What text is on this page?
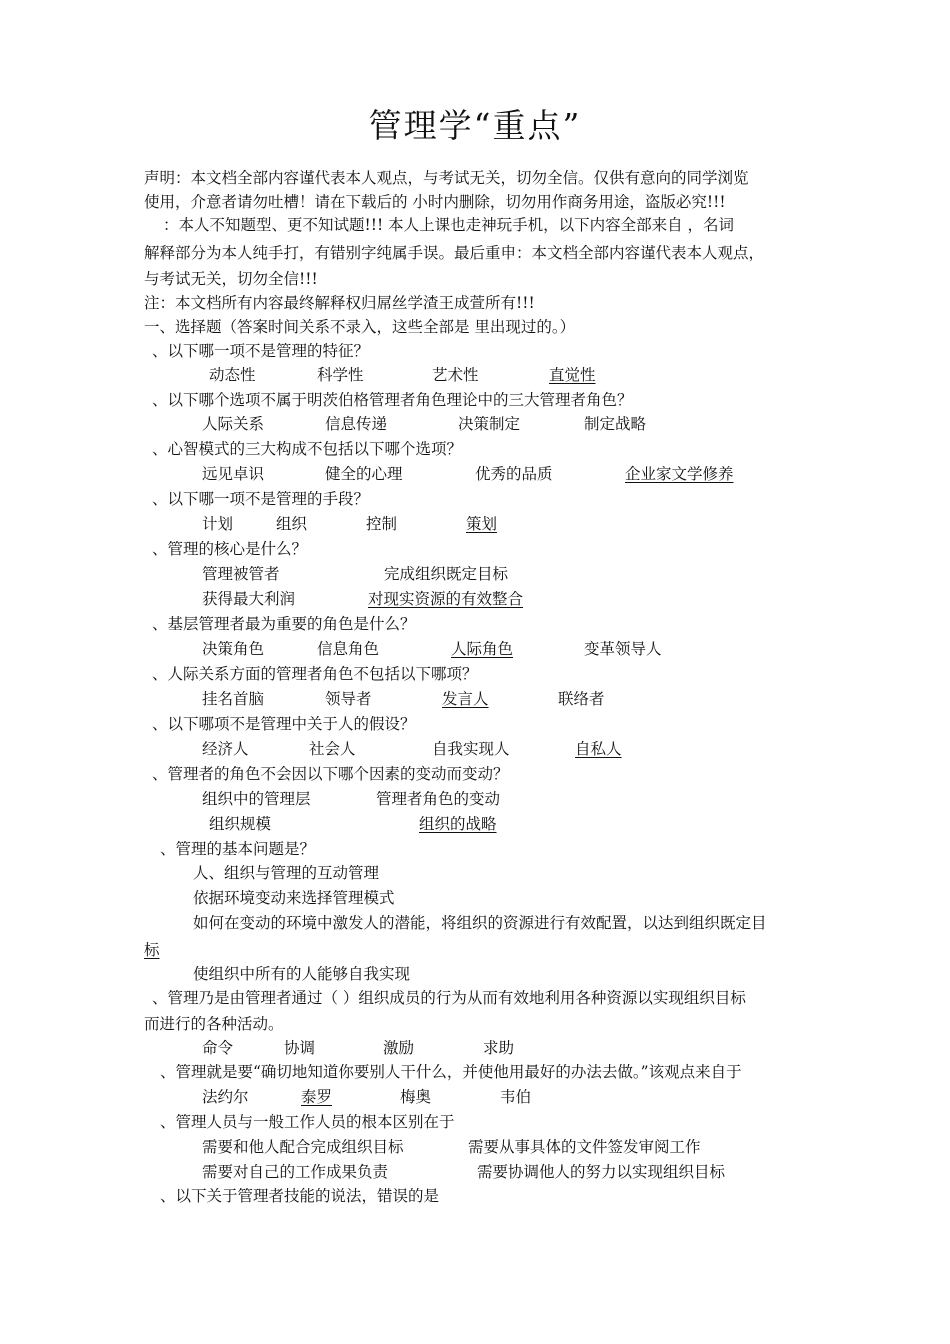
管理学“重点”
声明：本文档全部内容谨代表本人观点，与考试无关，切勿全信。仅供有意向的同学浏览
使用，介意者请勿吐槽！请在下载后的 小时内删除，切勿用作商务用途，盗版必究!!!
：本人不知题型、更不知试题!!! 本人上课也走神玩手机，以下内容全部来自 ，名词
解释部分为本人纯手打，有错别字纯属手误。最后重申：本文档全部内容谨代表本人观点，
与考试无关，切勿全信!!!
注：本文档所有内容最终解释权归屌丝学渣王成萱所有!!!
一、选择题（答案时间关系不录入，这些全部是 里出现过的。）
、以下哪一项不是管理的特征？
动态性	科学性	艺术性	直觉性
、以下哪个选项不属于明茨伯格管理者角色理论中的三大管理者角色？
人际关系	信息传递	决策制定	制定战略
、心智模式的三大构成不包括以下哪个选项？
远见卓识	健全的心理	优秀的品质	企业家文学修养
、以下哪一项不是管理的手段？
计划	组织	控制	策划
、管理的核心是什么？
管理被管者	完成组织既定目标
获得最大利润	对现实资源的有效整合
、基层管理者最为重要的角色是什么？
决策角色	信息角色	人际角色	变革领导人
、人际关系方面的管理者角色不包括以下哪项？
挂名首脑	领导者	发言人	联络者
、以下哪项不是管理中关于人的假设？
经济人	社会人	自我实现人	自私人
、管理者的角色不会因以下哪个因素的变动而变动？
组织中的管理层	管理者角色的变动
组织规模	组织的战略
、管理的基本问题是？
人、组织与管理的互动管理
依据环境变动来选择管理模式
如何在变动的环境中激发人的潜能，将组织的资源进行有效配置，以达到组织既定目
标
使组织中所有的人能够自我实现
、管理乃是由管理者通过（ ）组织成员的行为从而有效地利用各种资源以实现组织目标
而进行的各种活动。
命令	协调	激励	求助
、管理就是要“确切地知道你要别人干什么，并使他用最好的办法去做。”该观点来自于
法约尔	泰罗	梅奥	韦伯
、管理人员与一般工作人员的根本区别在于
需要和他人配合完成组织目标	需要从事具体的文件签发审阅工作
需要对自己的工作成果负责	需要协调他人的努力以实现组织目标
、以下关于管理者技能的说法，错误的是
